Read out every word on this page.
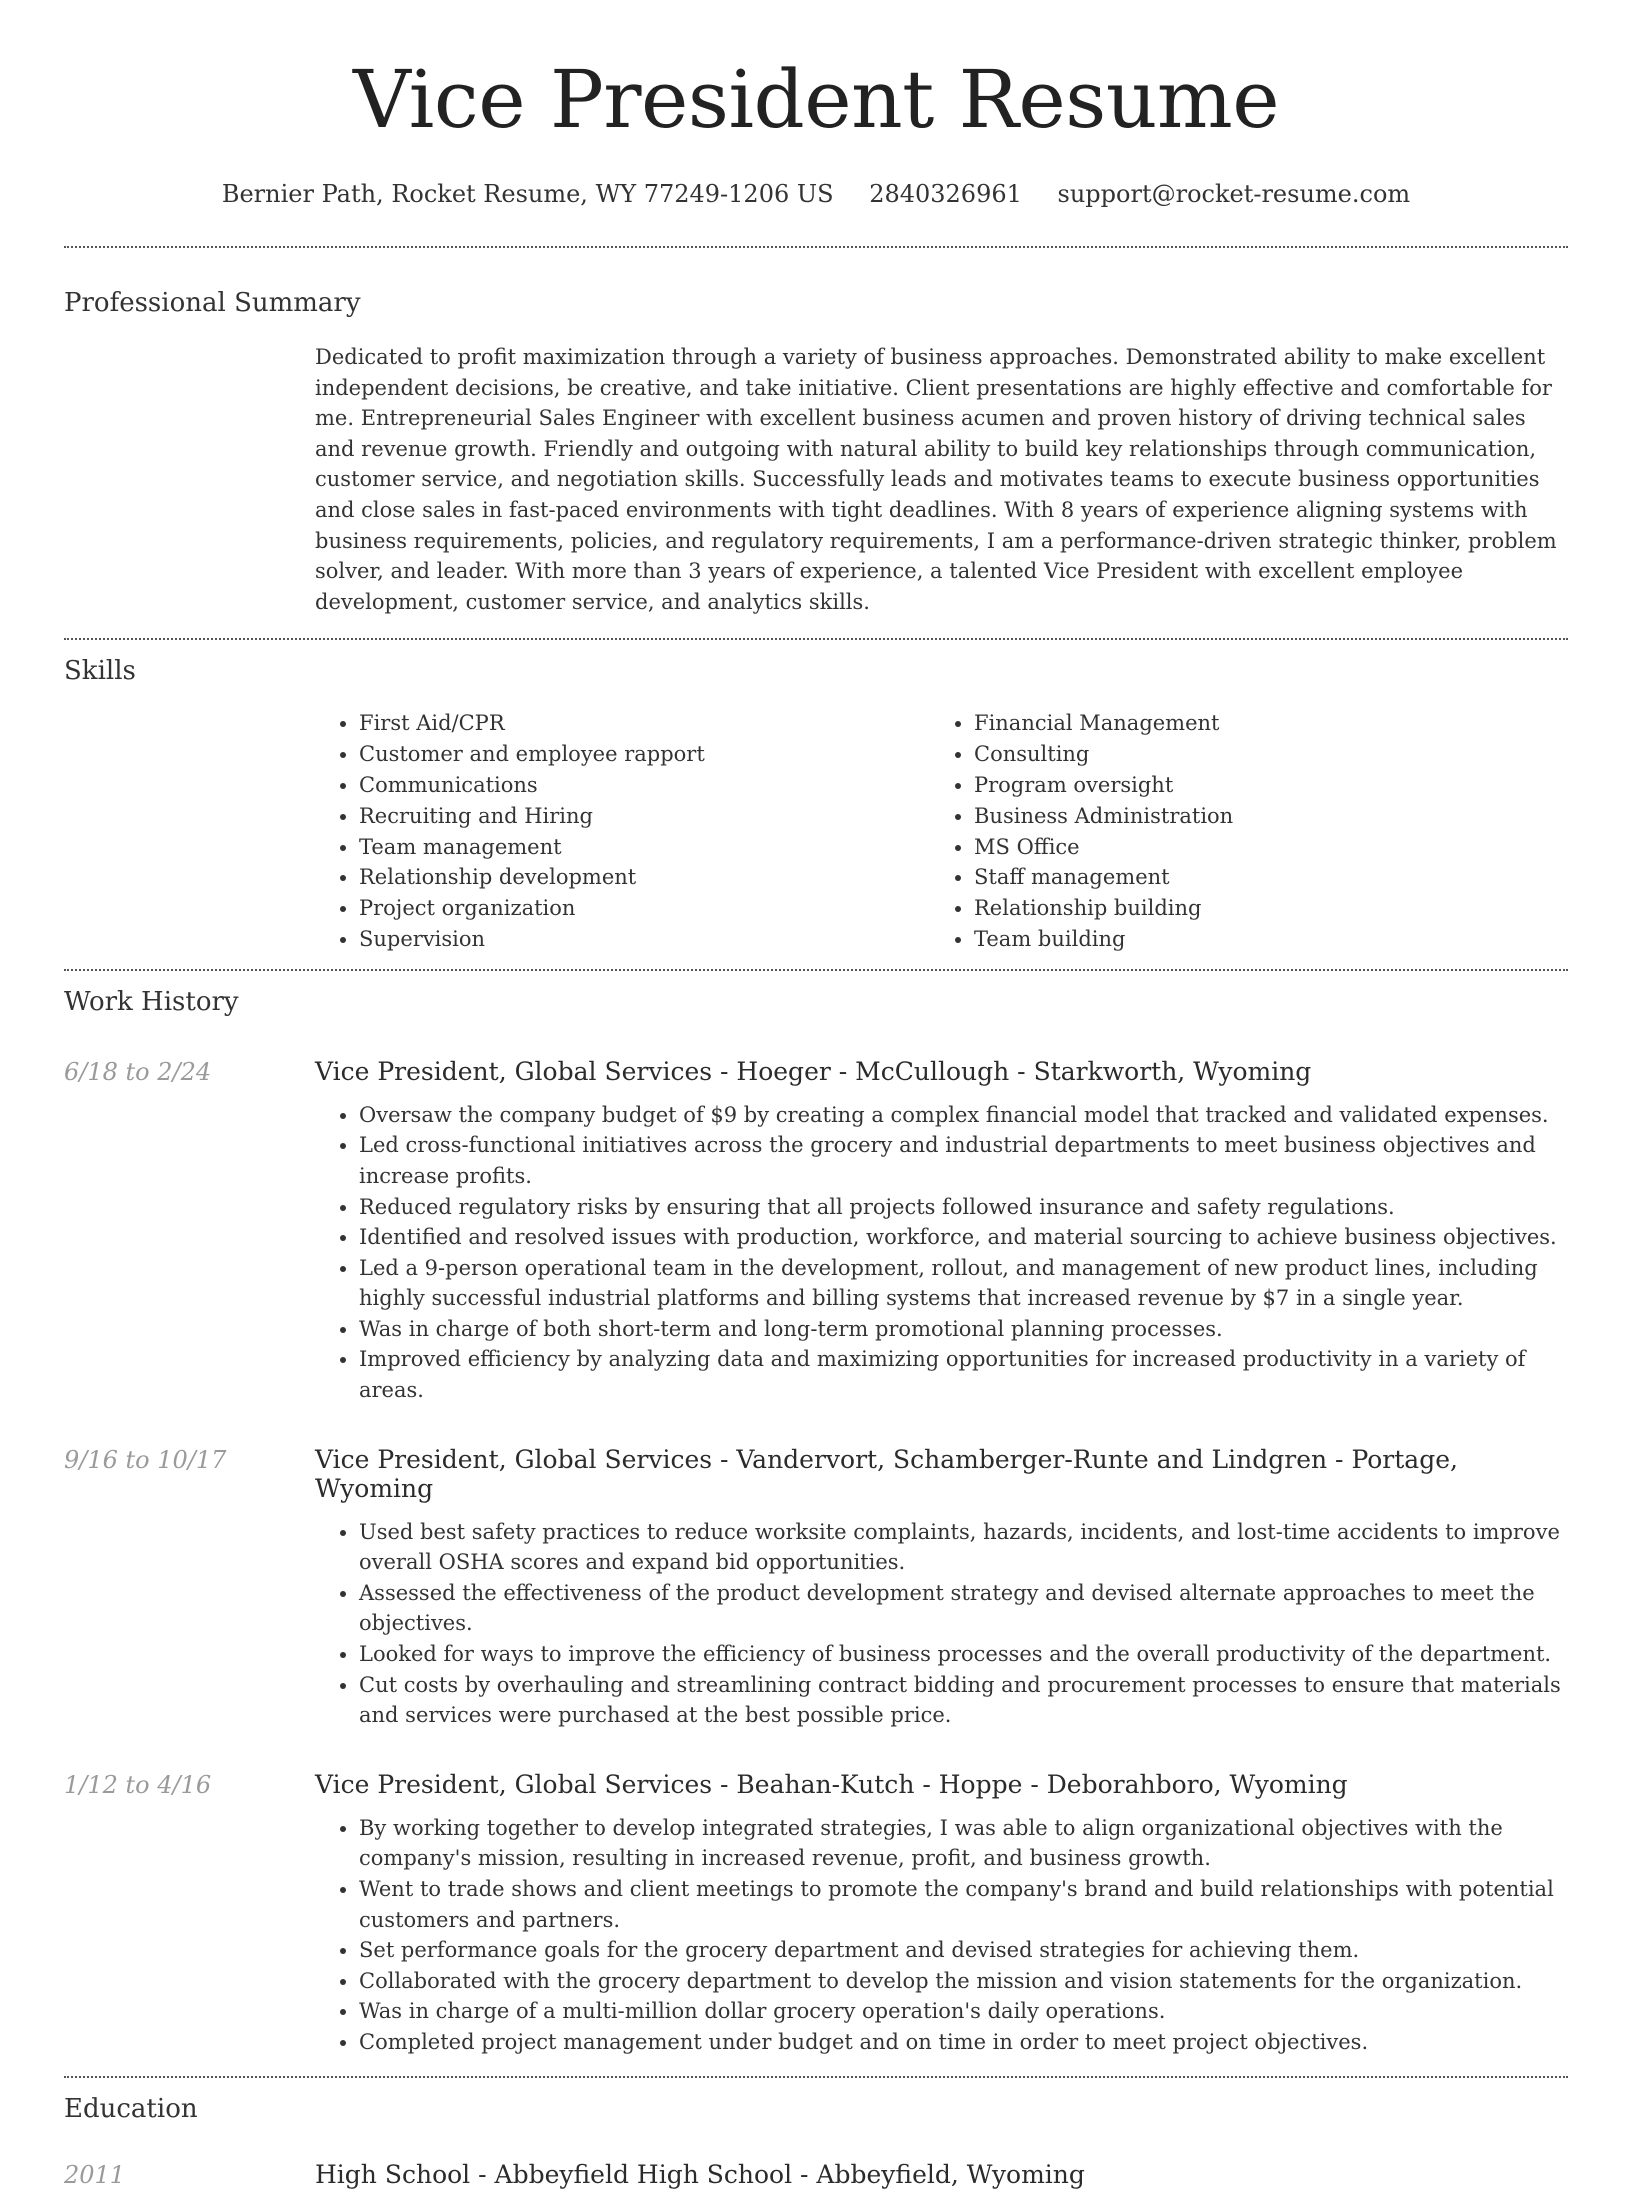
Vice President Resume
Bernier Path, Rocket Resume, WY 77249-1206 US 2840326961 support@rocket-resume.com
Professional Summary

Dedicated to profit maximization through a variety of business approaches. Demonstrated ability to make excellent independent decisions, be creative, and take initiative. Client presentations are highly effective and comfortable for me. Entrepreneurial Sales Engineer with excellent business acumen and proven history of driving technical sales and revenue growth. Friendly and outgoing with natural ability to build key relationships through communication, customer service, and negotiation skills. Successfully leads and motivates teams to execute business opportunities and close sales in fast-paced environments with tight deadlines. With 8 years of experience aligning systems with business requirements, policies, and regulatory requirements, I am a performance-driven strategic thinker, problem solver, and leader. With more than 3 years of experience, a talented Vice President with excellent employee development, customer service, and analytics skills.

Skills
• First Aid/CPR
• Customer and employee rapport
• Communications
• Recruiting and Hiring
• Team management
• Relationship development
• Project organization
• Supervision
• Financial Management
• Consulting
• Program oversight
• Business Administration
• MS Office
• Staff management
• Relationship building
• Team building
Work History
6/18 to 2/24	Vice President, Global Services - Hoeger - McCullough - Starkworth, Wyoming
• Oversaw the company budget of $9 by creating a complex financial model that tracked and validated expenses.
• Led cross-functional initiatives across the grocery and industrial departments to meet business objectives and increase profits.
• Reduced regulatory risks by ensuring that all projects followed insurance and safety regulations.
• Identified and resolved issues with production, workforce, and material sourcing to achieve business objectives.
• Led a 9-person operational team in the development, rollout, and management of new product lines, including highly successful industrial platforms and billing systems that increased revenue by $7 in a single year.
• Was in charge of both short-term and long-term promotional planning processes.
• Improved efficiency by analyzing data and maximizing opportunities for increased productivity in a variety of areas.
9/16 to 10/17	Vice President, Global Services - Vandervort, Schamberger-Runte and Lindgren - Portage, Wyoming
• Used best safety practices to reduce worksite complaints, hazards, incidents, and lost-time accidents to improve overall OSHA scores and expand bid opportunities.
• Assessed the effectiveness of the product development strategy and devised alternate approaches to meet the objectives.
• Looked for ways to improve the efficiency of business processes and the overall productivity of the department.
• Cut costs by overhauling and streamlining contract bidding and procurement processes to ensure that materials and services were purchased at the best possible price.
1/12 to 4/16	Vice President, Global Services - Beahan-Kutch - Hoppe - Deborahboro, Wyoming
• By working together to develop integrated strategies, I was able to align organizational objectives with the company's mission, resulting in increased revenue, profit, and business growth.
• Went to trade shows and client meetings to promote the company's brand and build relationships with potential customers and partners.
• Set performance goals for the grocery department and devised strategies for achieving them.
• Collaborated with the grocery department to develop the mission and vision statements for the organization.
• Was in charge of a multi-million dollar grocery operation's daily operations.
• Completed project management under budget and on time in order to meet project objectives.
Education
2011	High School - Abbeyfield High School - Abbeyfield, Wyoming
